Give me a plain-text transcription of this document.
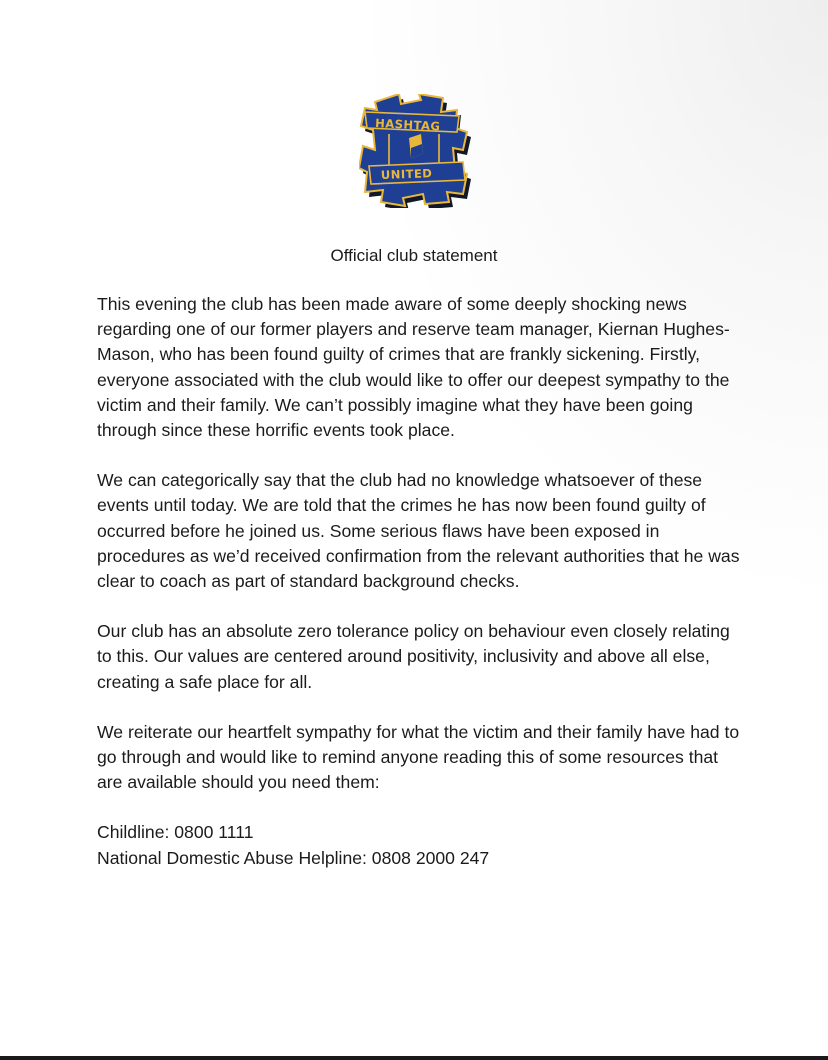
HASHTAG
UNITED
Official club statement

This evening the club has been made aware of some deeply shocking news regarding one of our former players and reserve team manager, Kiernan Hughes-Mason, who has been found guilty of crimes that are frankly sickening. Firstly, everyone associated with the club would like to offer our deepest sympathy to the victim and their family. We can’t possibly imagine what they have been going through since these horrific events took place.

We can categorically say that the club had no knowledge whatsoever of these events until today. We are told that the crimes he has now been found guilty of occurred before he joined us. Some serious flaws have been exposed in procedures as we’d received confirmation from the relevant authorities that he was clear to coach as part of standard background checks.

Our club has an absolute zero tolerance policy on behaviour even closely relating to this. Our values are centered around positivity, inclusivity and above all else, creating a safe place for all.

We reiterate our heartfelt sympathy for what the victim and their family have had to go through and would like to remind anyone reading this of some resources that are available should you need them:

Childline: 0800 1111
National Domestic Abuse Helpline: 0808 2000 247
